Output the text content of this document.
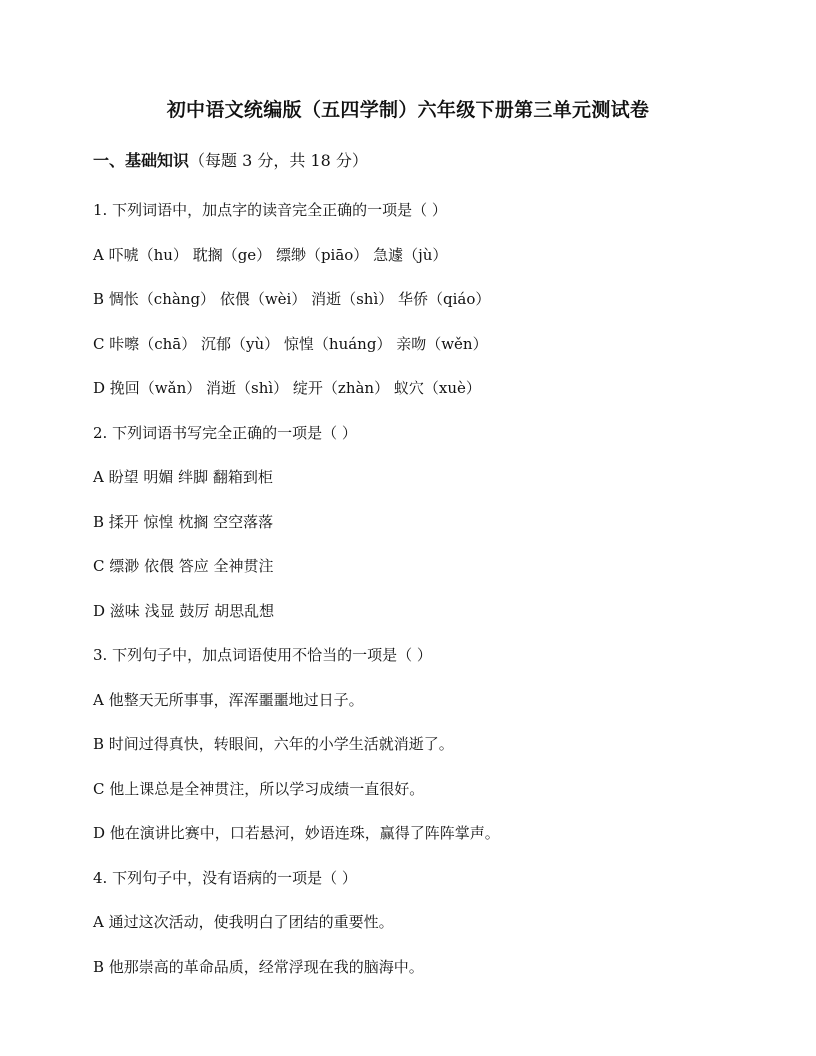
初中语文统编版（五四学制）六年级下册第三单元测试卷
一、基础知识（每题 3 分，共 18 分）
1. 下列词语中，加点字的读音完全正确的一项是（ ）
A 吓唬（hu） 耽搁（ge） 缥缈（piāo） 急遽（jù）
B 惆怅（chàng） 依偎（wèi） 消逝（shì） 华侨（qiáo）
C 咔嚓（chā） 沉郁（yù） 惊惶（huáng） 亲吻（wěn）
D 挽回（wǎn） 消逝（shì） 绽开（zhàn） 蚁穴（xuè）
2. 下列词语书写完全正确的一项是（ ）
A 盼望 明媚 绊脚 翻箱到柜
B 揉开 惊惶 枕搁 空空落落
C 缥渺 依偎 答应 全神贯注
D 滋味 浅显 鼓厉 胡思乱想
3. 下列句子中，加点词语使用不恰当的一项是（ ）
A 他整天无所事事，浑浑噩噩地过日子。
B 时间过得真快，转眼间，六年的小学生活就消逝了。
C 他上课总是全神贯注，所以学习成绩一直很好。
D 他在演讲比赛中，口若悬河，妙语连珠，赢得了阵阵掌声。
4. 下列句子中，没有语病的一项是（ ）
A 通过这次活动，使我明白了团结的重要性。
B 他那崇高的革命品质，经常浮现在我的脑海中。
